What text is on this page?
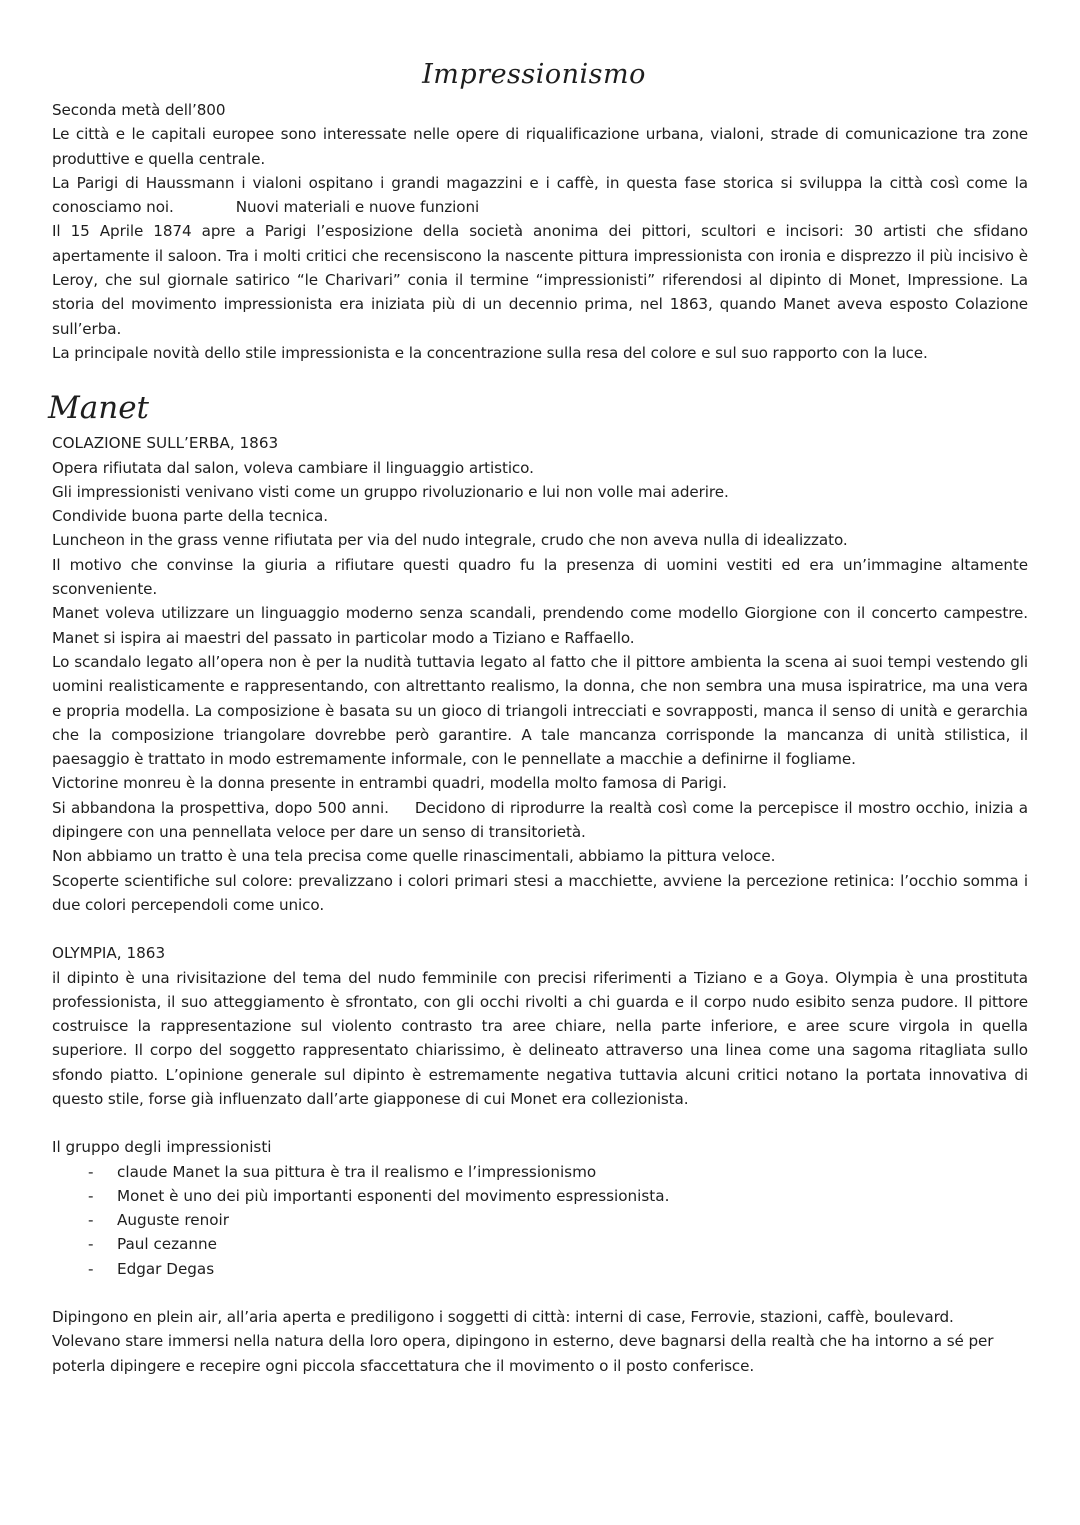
Impressionismo

Seconda metà dell’800

Le città e le capitali europee sono interessate nelle opere di riqualificazione urbana, vialoni, strade di comunicazione tra zone produttive e quella centrale.

La Parigi di Haussmann i vialoni ospitano i grandi magazzini e i caffè, in questa fase storica si sviluppa la città così come la conosciamo noi.	Nuovi materiali e nuove funzioni

Il 15 Aprile 1874 apre a Parigi l’esposizione della società anonima dei pittori, scultori e incisori: 30 artisti che sfidano apertamente il saloon. Tra i molti critici che recensiscono la nascente pittura impressionista con ironia e disprezzo il più incisivo è Leroy, che sul giornale satirico “le Charivari” conia il termine “impressionisti” riferendosi al dipinto di Monet, Impressione. La storia del movimento impressionista era iniziata più di un decennio prima, nel 1863, quando Manet aveva esposto Colazione sull’erba.

La principale novità dello stile impressionista e la concentrazione sulla resa del colore e sul suo rapporto con la luce.

Manet
COLAZIONE SULL’ERBA, 1863

Opera rifiutata dal salon, voleva cambiare il linguaggio artistico.

Gli impressionisti venivano visti come un gruppo rivoluzionario e lui non volle mai aderire.

Condivide buona parte della tecnica.

Luncheon in the grass venne rifiutata per via del nudo integrale, crudo che non aveva nulla di idealizzato.

Il motivo che convinse la giuria a rifiutare questi quadro fu la presenza di uomini vestiti ed era un’immagine altamente sconveniente.

Manet voleva utilizzare un linguaggio moderno senza scandali, prendendo come modello Giorgione con il concerto campestre. Manet si ispira ai maestri del passato in particolar modo a Tiziano e Raffaello.

Lo scandalo legato all’opera non è per la nudità tuttavia legato al fatto che il pittore ambienta la scena ai suoi tempi vestendo gli uomini realisticamente e rappresentando, con altrettanto realismo, la donna, che non sembra una musa ispiratrice, ma una vera e propria modella. La composizione è basata su un gioco di triangoli intrecciati e sovrapposti, manca il senso di unità e gerarchia che la composizione triangolare dovrebbe però garantire. A tale mancanza corrisponde la mancanza di unità stilistica, il paesaggio è trattato in modo estremamente informale, con le pennellate a macchie a definirne il fogliame.

Victorine monreu è la donna presente in entrambi quadri, modella molto famosa di Parigi.

Si abbandona la prospettiva, dopo 500 anni. Decidono di riprodurre la realtà così come la percepisce il mostro occhio, inizia a dipingere con una pennellata veloce per dare un senso di transitorietà.

Non abbiamo un tratto è una tela precisa come quelle rinascimentali, abbiamo la pittura veloce.

Scoperte scientifiche sul colore: prevalizzano i colori primari stesi a macchiette, avviene la percezione retinica: l’occhio somma i due colori percependoli come unico.

OLYMPIA, 1863

il dipinto è una rivisitazione del tema del nudo femminile con precisi riferimenti a Tiziano e a Goya. Olympia è una prostituta professionista, il suo atteggiamento è sfrontato, con gli occhi rivolti a chi guarda e il corpo nudo esibito senza pudore. Il pittore costruisce la rappresentazione sul violento contrasto tra aree chiare, nella parte inferiore, e aree scure virgola in quella superiore. Il corpo del soggetto rappresentato chiarissimo, è delineato attraverso una linea come una sagoma ritagliata sullo sfondo piatto. L’opinione generale sul dipinto è estremamente negativa tuttavia alcuni critici notano la portata innovativa di questo stile, forse già influenzato dall’arte giapponese di cui Monet era collezionista.

Il gruppo degli impressionisti
- claude Manet la sua pittura è tra il realismo e l’impressionismo
- Monet è uno dei più importanti esponenti del movimento espressionista.
- Auguste renoir
- Paul cezanne
- Edgar Degas

Dipingono en plein air, all’aria aperta e prediligono i soggetti di città: interni di case, Ferrovie, stazioni, caffè, boulevard.

Volevano stare immersi nella natura della loro opera, dipingono in esterno, deve bagnarsi della realtà che ha intorno a sé per poterla dipingere e recepire ogni piccola sfaccettatura che il movimento o il posto conferisce.
